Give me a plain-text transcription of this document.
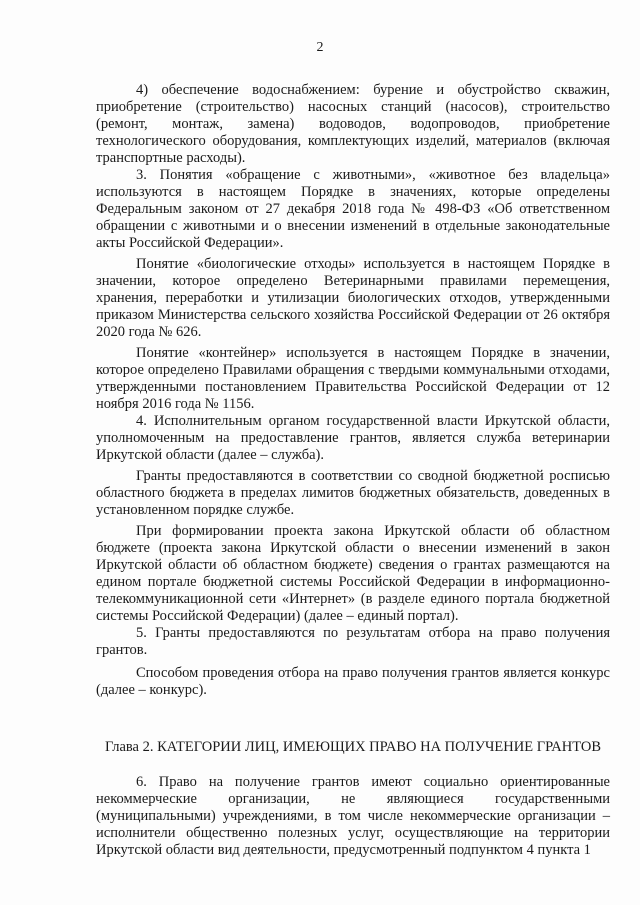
2

4) обеспечение водоснабжением: бурение и обустройство скважин, приобретение (строительство) насосных станций (насосов), строительство (ремонт, монтаж, замена) водоводов, водопроводов, приобретение технологического оборудования, комплектующих изделий, материалов (включая транспортные расходы).

3. Понятия «обращение с животными», «животное без владельца» используются в настоящем Порядке в значениях, которые определены Федеральным законом от 27 декабря 2018 года № 498-ФЗ «Об ответственном обращении с животными и о внесении изменений в отдельные законодательные акты Российской Федерации».

Понятие «биологические отходы» используется в настоящем Порядке в значении, которое определено Ветеринарными правилами перемещения, хранения, переработки и утилизации биологических отходов, утвержденными приказом Министерства сельского хозяйства Российской Федерации от 26 октября 2020 года № 626.

Понятие «контейнер» используется в настоящем Порядке в значении, которое определено Правилами обращения с твердыми коммунальными отходами, утвержденными постановлением Правительства Российской Федерации от 12 ноября 2016 года № 1156.

4. Исполнительным органом государственной власти Иркутской области, уполномоченным на предоставление грантов, является служба ветеринарии Иркутской области (далее – служба).

Гранты предоставляются в соответствии со сводной бюджетной росписью областного бюджета в пределах лимитов бюджетных обязательств, доведенных в установленном порядке службе.

При формировании проекта закона Иркутской области об областном бюджете (проекта закона Иркутской области о внесении изменений в закон Иркутской области об областном бюджете) сведения о грантах размещаются на едином портале бюджетной системы Российской Федерации в информационно-телекоммуникационной сети «Интернет» (в разделе единого портала бюджетной системы Российской Федерации) (далее – единый портал).

5. Гранты предоставляются по результатам отбора на право получения грантов.

Способом проведения отбора на право получения грантов является конкурс (далее – конкурс).

Глава 2. КАТЕГОРИИ ЛИЦ, ИМЕЮЩИХ ПРАВО НА ПОЛУЧЕНИЕ ГРАНТОВ

6. Право на получение грантов имеют социально ориентированные некоммерческие организации, не являющиеся государственными (муниципальными) учреждениями, в том числе некоммерческие организации – исполнители общественно полезных услуг, осуществляющие на территории Иркутской области вид деятельности, предусмотренный подпунктом 4 пункта 1
